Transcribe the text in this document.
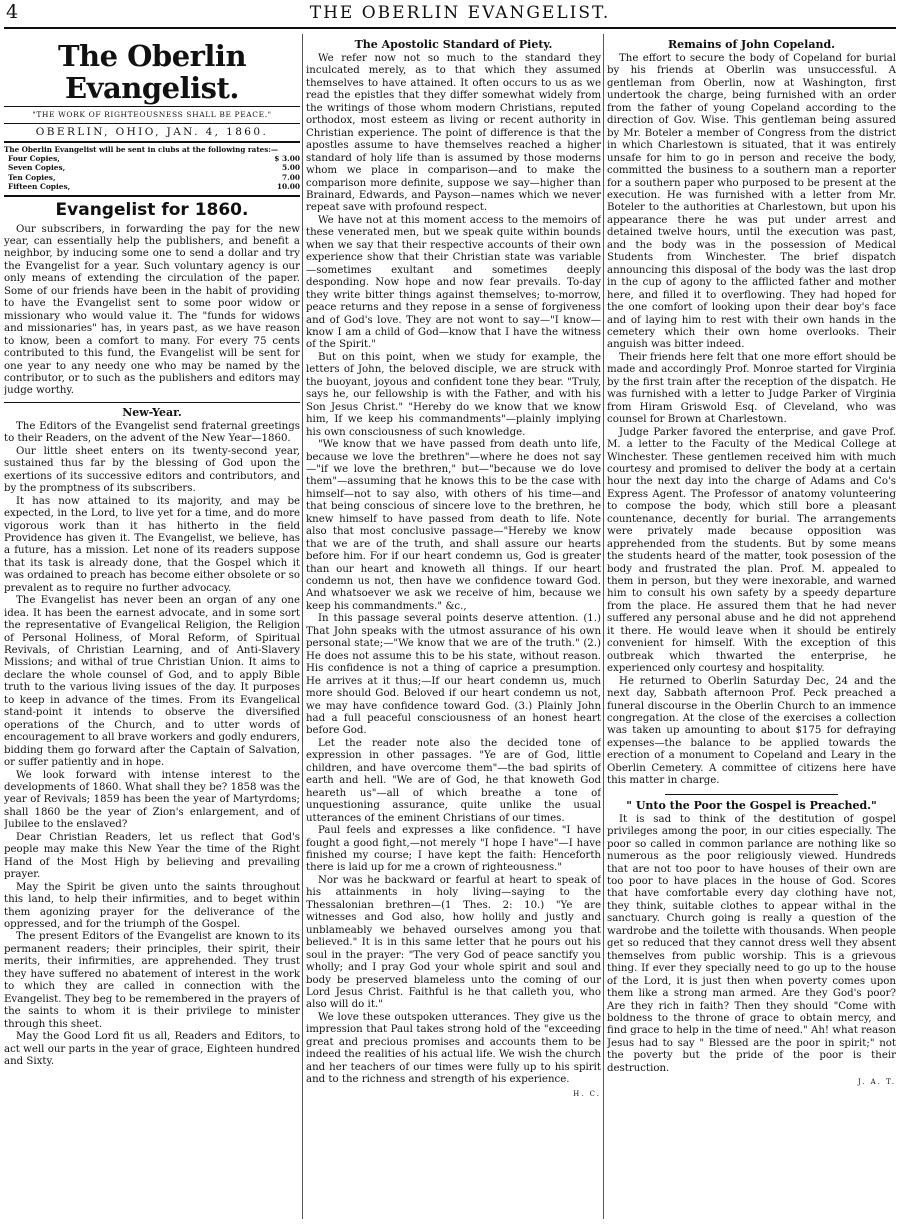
4	THE OBERLIN EVANGELIST.
The Oberlin Evangelist.
"THE WORK OF RIGHTEOUSNESS SHALL BE PEACE."
OBERLIN, OHIO, JAN. 4, 1860.
The Oberlin Evangelist will be sent in clubs at the following rates:—
Four Copies,	$ 3.00
Seven Copies,	5.00
Ten Copies,	7.00
Fifteen Copies,	10.00
Evangelist for 1860.

Our subscribers, in forwarding the pay for the new year, can essentially help the publishers, and benefit a neighbor, by inducing some one to send a dollar and try the Evangelist for a year. Such voluntary agency is our only means of extending the circulation of the paper. Some of our friends have been in the habit of providing to have the Evangelist sent to some poor widow or missionary who would value it. The "funds for widows and missionaries" has, in years past, as we have reason to know, been a comfort to many. For every 75 cents contributed to this fund, the Evangelist will be sent for one year to any needy one who may be named by the contributor, or to such as the publishers and editors may judge worthy.

New-Year.

The Editors of the Evangelist send fraternal greetings to their Readers, on the advent of the New Year—1860.

Our little sheet enters on its twenty-second year, sustained thus far by the blessing of God upon the exertions of its successive editors and contributors, and by the promptness of its subscribers.

It has now attained to its majority, and may be expected, in the Lord, to live yet for a time, and do more vigorous work than it has hitherto in the field Providence has given it. The Evangelist, we believe, has a future, has a mission. Let none of its readers suppose that its task is already done, that the Gospel which it was ordained to preach has become either obsolete or so prevalent as to require no further advocacy.

The Evangelist has never been an organ of any one idea. It has been the earnest advocate, and in some sort the representative of Evangelical Religion, the Religion of Personal Holiness, of Moral Reform, of Spiritual Revivals, of Christian Learning, and of Anti-Slavery Missions; and withal of true Christian Union. It aims to declare the whole counsel of God, and to apply Bible truth to the various living issues of the day. It purposes to keep in advance of the times. From its Evangelical stand-point it intends to observe the diversified operations of the Church, and to utter words of encouragement to all brave workers and godly endurers, bidding them go forward after the Captain of Salvation, or suffer patiently and in hope.

We look forward with intense interest to the developments of 1860. What shall they be? 1858 was the year of Revivals; 1859 has been the year of Martyrdoms; shall 1860 be the year of Zion's enlargement, and of Jubilee to the enslaved?

Dear Christian Readers, let us reflect that God's people may make this New Year the time of the Right Hand of the Most High by believing and prevailing prayer.

May the Spirit be given unto the saints throughout this land, to help their infirmities, and to beget within them agonizing prayer for the deliverance of the oppressed, and for the triumph of the Gospel.

The present Editors of the Evangelist are known to its permanent readers; their principles, their spirit, their merits, their infirmities, are apprehended. They trust they have suffered no abatement of interest in the work to which they are called in connection with the Evangelist. They beg to be remembered in the prayers of the saints to whom it is their privilege to minister through this sheet.

May the Good Lord fit us all, Readers and Editors, to act well our parts in the year of grace, Eighteen hundred and Sixty.

The Apostolic Standard of Piety.

We refer now not so much to the standard they inculcated merely, as to that which they assumed themselves to have attained. It often occurs to us as we read the epistles that they differ somewhat widely from the writings of those whom modern Christians, reputed orthodox, most esteem as living or recent authority in Christian experience. The point of difference is that the apostles assume to have themselves reached a higher standard of holy life than is assumed by those moderns whom we place in comparison—and to make the comparison more definite, suppose we say—higher than Brainard, Edwards, and Payson—names which we never repeat save with profound respect.

We have not at this moment access to the memoirs of these venerated men, but we speak quite within bounds when we say that their respective accounts of their own experience show that their Christian state was variable—sometimes exultant and sometimes deeply desponding. Now hope and now fear prevails. To-day they write bitter things against themselves; to-morrow, peace returns and they repose in a sense of forgiveness and of God's love. They are not wont to say—"I know—know I am a child of God—know that I have the witness of the Spirit."

But on this point, when we study for example, the letters of John, the beloved disciple, we are struck with the buoyant, joyous and confident tone they bear. "Truly, says he, our fellowship is with the Father, and with his Son Jesus Christ." "Hereby do we know that we know him, If we keep his commandments"—plainly implying his own consciousness of such knowledge.

"We know that we have passed from death unto life, because we love the brethren"—where he does not say—"if we love the brethren," but—"because we do love them"—assuming that he knows this to be the case with himself—not to say also, with others of his time—and that being conscious of sincere love to the brethren, he knew himself to have passed from death to life. Note also that most conclusive passage—"Hereby we know that we are of the truth, and shall assure our hearts before him. For if our heart condemn us, God is greater than our heart and knoweth all things. If our heart condemn us not, then have we confidence toward God. And whatsoever we ask we receive of him, because we keep his commandments." &c.,

In this passage several points deserve attention. (1.) That John speaks with the utmost assurance of his own personal state;—"We know that we are of the truth." (2.) He does not assume this to be his state, without reason. His confidence is not a thing of caprice a presumption. He arrives at it thus;—If our heart condemn us, much more should God. Beloved if our heart condemn us not, we may have confidence toward God. (3.) Plainly John had a full peaceful consciousness of an honest heart before God.

Let the reader note also the decided tone of expression in other passages. "Ye are of God, little children, and have overcome them"—the bad spirits of earth and hell. "We are of God, he that knoweth God heareth us"—all of which breathe a tone of unquestioning assurance, quite unlike the usual utterances of the eminent Christians of our times.

Paul feels and expresses a like confidence. "I have fought a good fight,—not merely "I hope I have"—I have finished my course; I have kept the faith: Henceforth there is laid up for me a crown of righteousness."

Nor was he backward or fearful at heart to speak of his attainments in holy living—saying to the Thessalonian brethren—(1 Thes. 2: 10.) "Ye are witnesses and God also, how holily and justly and unblameably we behaved ourselves among you that believed." It is in this same letter that he pours out his soul in the prayer: "The very God of peace sanctify you wholly; and I pray God your whole spirit and soul and body be preserved blameless unto the coming of our Lord Jesus Christ. Faithful is he that calleth you, who also will do it."

We love these outspoken utterances. They give us the impression that Paul takes strong hold of the "exceeding great and precious promises and accounts them to be indeed the realities of his actual life. We wish the church and her teachers of our times were fully up to his spirit and to the richness and strength of his experience.

H. C.
Remains of John Copeland.

The effort to secure the body of Copeland for burial by his friends at Oberlin was unsuccessful. A gentleman from Oberlin, now at Washington, first undertook the charge, being furnished with an order from the father of young Copeland according to the direction of Gov. Wise. This gentleman being assured by Mr. Boteler a member of Congress from the district in which Charlestown is situated, that it was entirely unsafe for him to go in person and receive the body, committed the business to a southern man a reporter for a southern paper who purposed to be present at the execution. He was furnished with a letter from Mr. Boteler to the authorities at Charlestown, but upon his appearance there he was put under arrest and detained twelve hours, until the execution was past, and the body was in the possession of Medical Students from Winchester. The brief dispatch announcing this disposal of the body was the last drop in the cup of agony to the afflicted father and mother here, and filled it to overflowing. They had hoped for the one comfort of looking upon their dear boy's face and of laying him to rest with their own hands in the cemetery which their own home overlooks. Their anguish was bitter indeed.

Their friends here felt that one more effort should be made and accordingly Prof. Monroe started for Virginia by the first train after the reception of the dispatch. He was furnished with a letter to Judge Parker of Virginia from Hiram Griswold Esq. of Cleveland, who was counsel for Brown at Charlestown.

Judge Parker favored the enterprise, and gave Prof. M. a letter to the Faculty of the Medical College at Winchester. These gentlemen received him with much courtesy and promised to deliver the body at a certain hour the next day into the charge of Adams and Co's Express Agent. The Professor of anatomy volunteering to compose the body, which still bore a pleasant countenance, decently for burial. The arrangements were privately made because opposition was apprehended from the students. But by some means the students heard of the matter, took posession of the body and frustrated the plan. Prof. M. appealed to them in person, but they were inexorable, and warned him to consult his own safety by a speedy departure from the place. He assured them that he had never suffered any personal abuse and he did not apprehend it there. He would leave when it should be entirely convenient for himself. With the exception of this outbreak which thwarted the enterprise, he experienced only courtesy and hospitality.

He returned to Oberlin Saturday Dec, 24 and the next day, Sabbath afternoon Prof. Peck preached a funeral discourse in the Oberlin Church to an immence congregation. At the close of the exercises a collection was taken up amounting to about $175 for defraying expenses—the balance to be applied towards the erection of a monument to Copeland and Leary in the Oberlin Cemetery. A committee of citizens here have this matter in charge.

" Unto the Poor the Gospel is Preached."

It is sad to think of the destitution of gospel privileges among the poor, in our cities especially. The poor so called in common parlance are nothing like so numerous as the poor religiously viewed. Hundreds that are not too poor to have houses of their own are too poor to have places in the house of God. Scores that have comfortable every day clothing have not, they think, suitable clothes to appear withal in the sanctuary. Church going is really a question of the wardrobe and the toilette with thousands. When people get so reduced that they cannot dress well they absent themselves from public worship. This is a grievous thing. If ever they specially need to go up to the house of the Lord, it is just then when poverty comes upon them like a strong man armed. Are they God's poor? Are they rich in faith? Then they should "Come with boldness to the throne of grace to obtain mercy, and find grace to help in the time of need." Ah! what reason Jesus had to say " Blessed are the poor in spirit;" not the poverty but the pride of the poor is their destruction.

J. A. T.
